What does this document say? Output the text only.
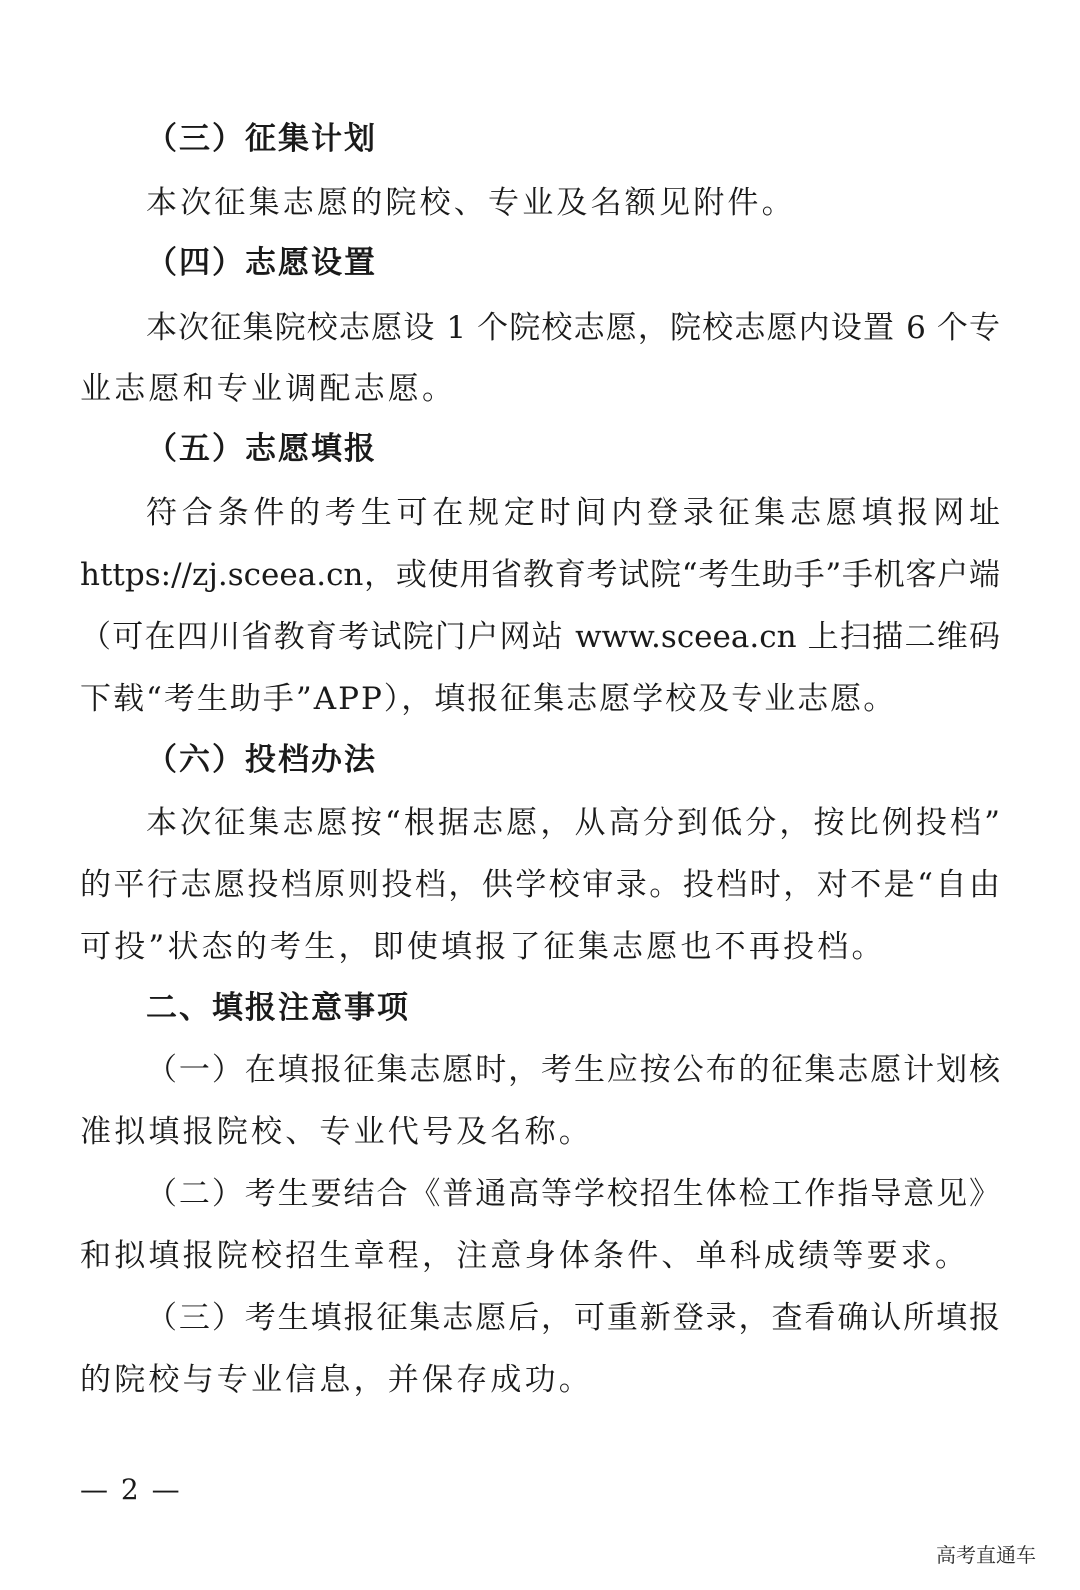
（三）征集计划
本次征集志愿的院校、专业及名额见附件。
（四）志愿设置
本次征集院校志愿设 1 个院校志愿，院校志愿内设置 6 个专
业志愿和专业调配志愿。
（五）志愿填报
符合条件的考生可在规定时间内登录征集志愿填报网址
https://zj.sceea.cn，或使用省教育考试院“考生助手”手机客户端
（可在四川省教育考试院门户网站 www.sceea.cn 上扫描二维码
下载“考生助手”APP），填报征集志愿学校及专业志愿。
（六）投档办法
本次征集志愿按“根据志愿，从高分到低分，按比例投档”
的平行志愿投档原则投档，供学校审录。投档时，对不是“自由
可投”状态的考生，即使填报了征集志愿也不再投档。
二、填报注意事项
（一）在填报征集志愿时，考生应按公布的征集志愿计划核
准拟填报院校、专业代号及名称。
（二）考生要结合《普通高等学校招生体检工作指导意见》
和拟填报院校招生章程，注意身体条件、单科成绩等要求。
（三）考生填报征集志愿后，可重新登录，查看确认所填报
的院校与专业信息，并保存成功。
— 2 —
高考直通车
